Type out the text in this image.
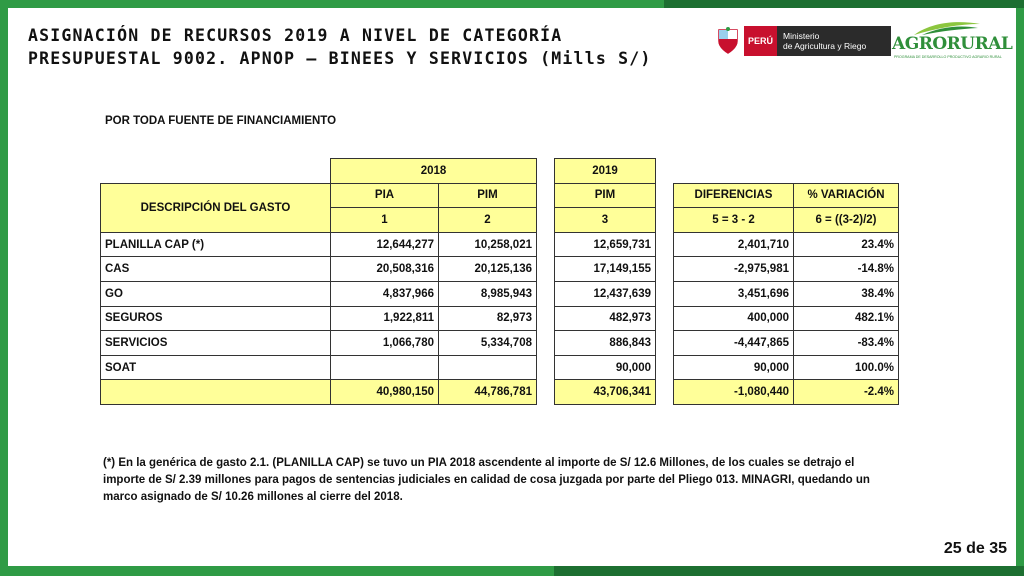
ASIGNACIÓN DE RECURSOS 2019 A NIVEL DE CATEGORÍA PRESUPUESTAL 9002. APNOP – BINEES Y SERVICIOS (Mills S/)
PERÚ	Ministerio
de Agricultura y Riego	AGRORURAL
PROGRAMA DE DESARROLLO PRODUCTIVO AGRARIO RURAL
POR TODA FUENTE DE FINANCIAMIENTO
	2018			2019			
DESCRIPCIÓN DEL GASTO	PIA	PIM		PIM		DIFERENCIAS	% VARIACIÓN
	1	2		3		5 = 3 - 2	6 = ((3-2)/2)
PLANILLA CAP (*)	12,644,277	10,258,021		12,659,731		2,401,710	23.4%
CAS	20,508,316	20,125,136		17,149,155		-2,975,981	-14.8%
GO	4,837,966	8,985,943		12,437,639		3,451,696	38.4%
SEGUROS	1,922,811	82,973		482,973		400,000	482.1%
SERVICIOS	1,066,780	5,334,708		886,843		-4,447,865	-83.4%
SOAT				90,000		90,000	100.0%
	40,980,150	44,786,781		43,706,341		-1,080,440	-2.4%
(*) En la genérica de gasto 2.1. (PLANILLA CAP) se tuvo un PIA 2018 ascendente al importe de S/ 12.6 Millones, de los cuales se detrajo el importe de S/ 2.39 millones para pagos de sentencias judiciales en calidad de cosa juzgada por parte del Pliego 013. MINAGRI, quedando un marco asignado de S/ 10.26 millones al cierre del 2018.
25 de 35
